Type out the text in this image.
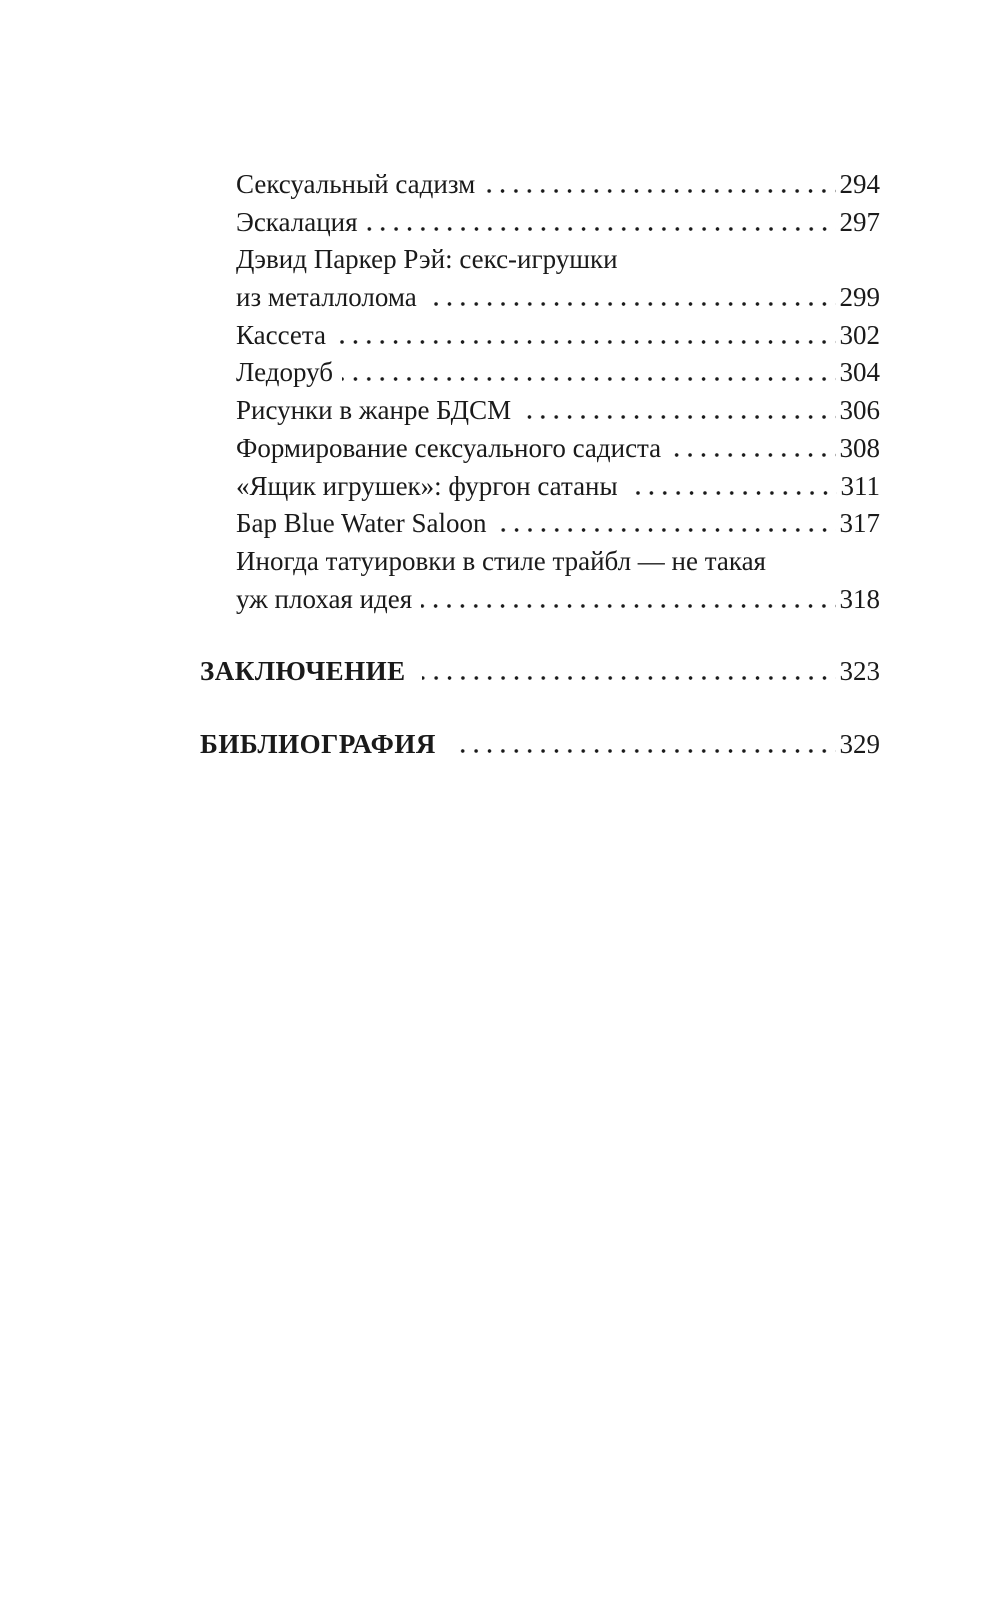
Сексуальный садизм	294
Эскалация	297
Дэвид Паркер Рэй: секс-игрушки
из металлолома	299
Кассета	302
Ледоруб	304
Рисунки в жанре БДСМ	306
Формирование сексуального садиста	308
«Ящик игрушек»: фургон сатаны	311
Бар Blue Water Saloon	317
Иногда татуировки в стиле трайбл — не такая
уж плохая идея	318
ЗАКЛЮЧЕНИЕ	323
БИБЛИОГРАФИЯ	329
